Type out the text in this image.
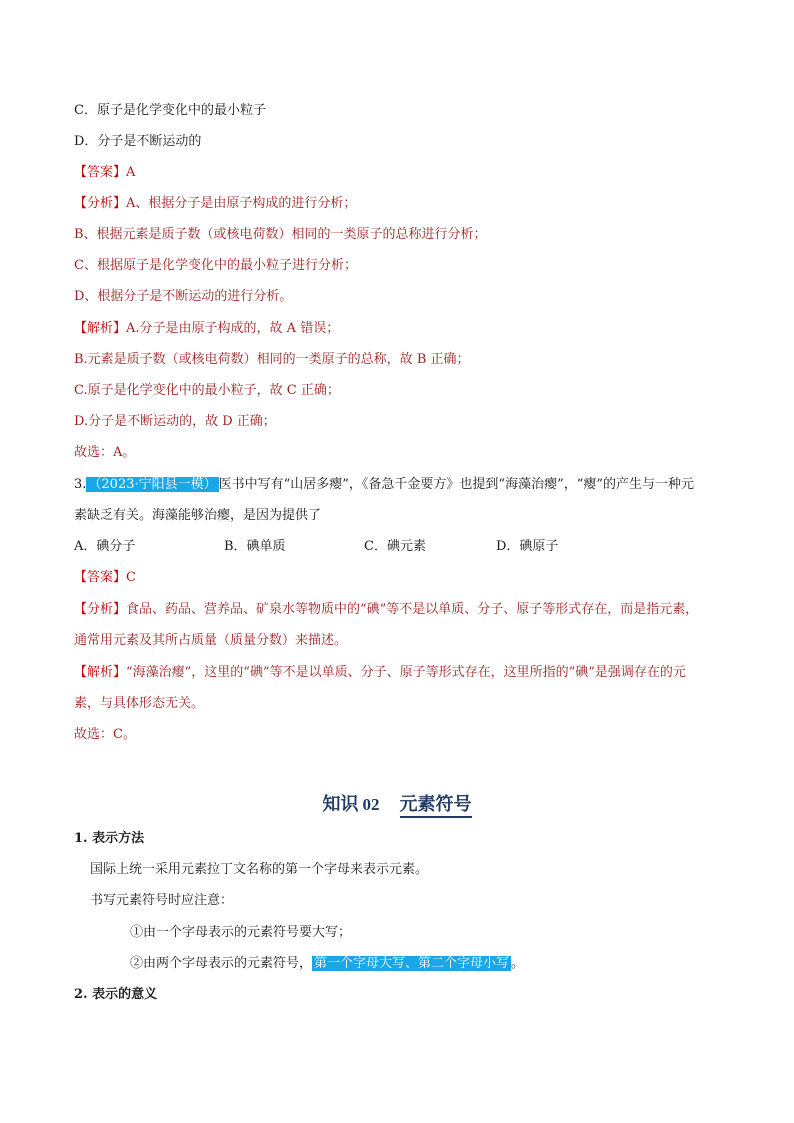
C．原子是化学变化中的最小粒子
D．分子是不断运动的
【答案】A
【分析】A、根据分子是由原子构成的进行分析；
B、根据元素是质子数（或核电荷数）相同的一类原子的总称进行分析；
C、根据原子是化学变化中的最小粒子进行分析；
D、根据分子是不断运动的进行分析。
【解析】A.分子是由原子构成的，故 A 错误；
B.元素是质子数（或核电荷数）相同的一类原子的总称，故 B 正确；
C.原子是化学变化中的最小粒子，故 C 正确；
D.分子是不断运动的，故 D 正确；
故选：A。
3. （2023·宁阳县一模） 医书中写有“山居多瘿”，《备急千金要方》也提到“海藻治瘿”，“瘿”的产生与一种元
素缺乏有关。海藻能够治瘿，是因为提供了
A．碘分子	B．碘单质	C．碘元素	D．碘原子
【答案】C
【分析】食品、药品、营养品、矿泉水等物质中的“碘”等不是以单质、分子、原子等形式存在，而是指元素，
通常用元素及其所占质量（质量分数）来描述。
【解析】“海藻治瘿”，这里的“碘”等不是以单质、分子、原子等形式存在，这里所指的“碘”是强调存在的元
素，与具体形态无关。
故选：C。
知识 02 元素符号
1. 表示方法
国际上统一采用元素拉丁文名称的第一个字母来表示元素。
书写元素符号时应注意：
①由一个字母表示的元素符号要大写；
②由两个字母表示的元素符号， 第一个字母大写、第二个字母小写 。
2. 表示的意义
